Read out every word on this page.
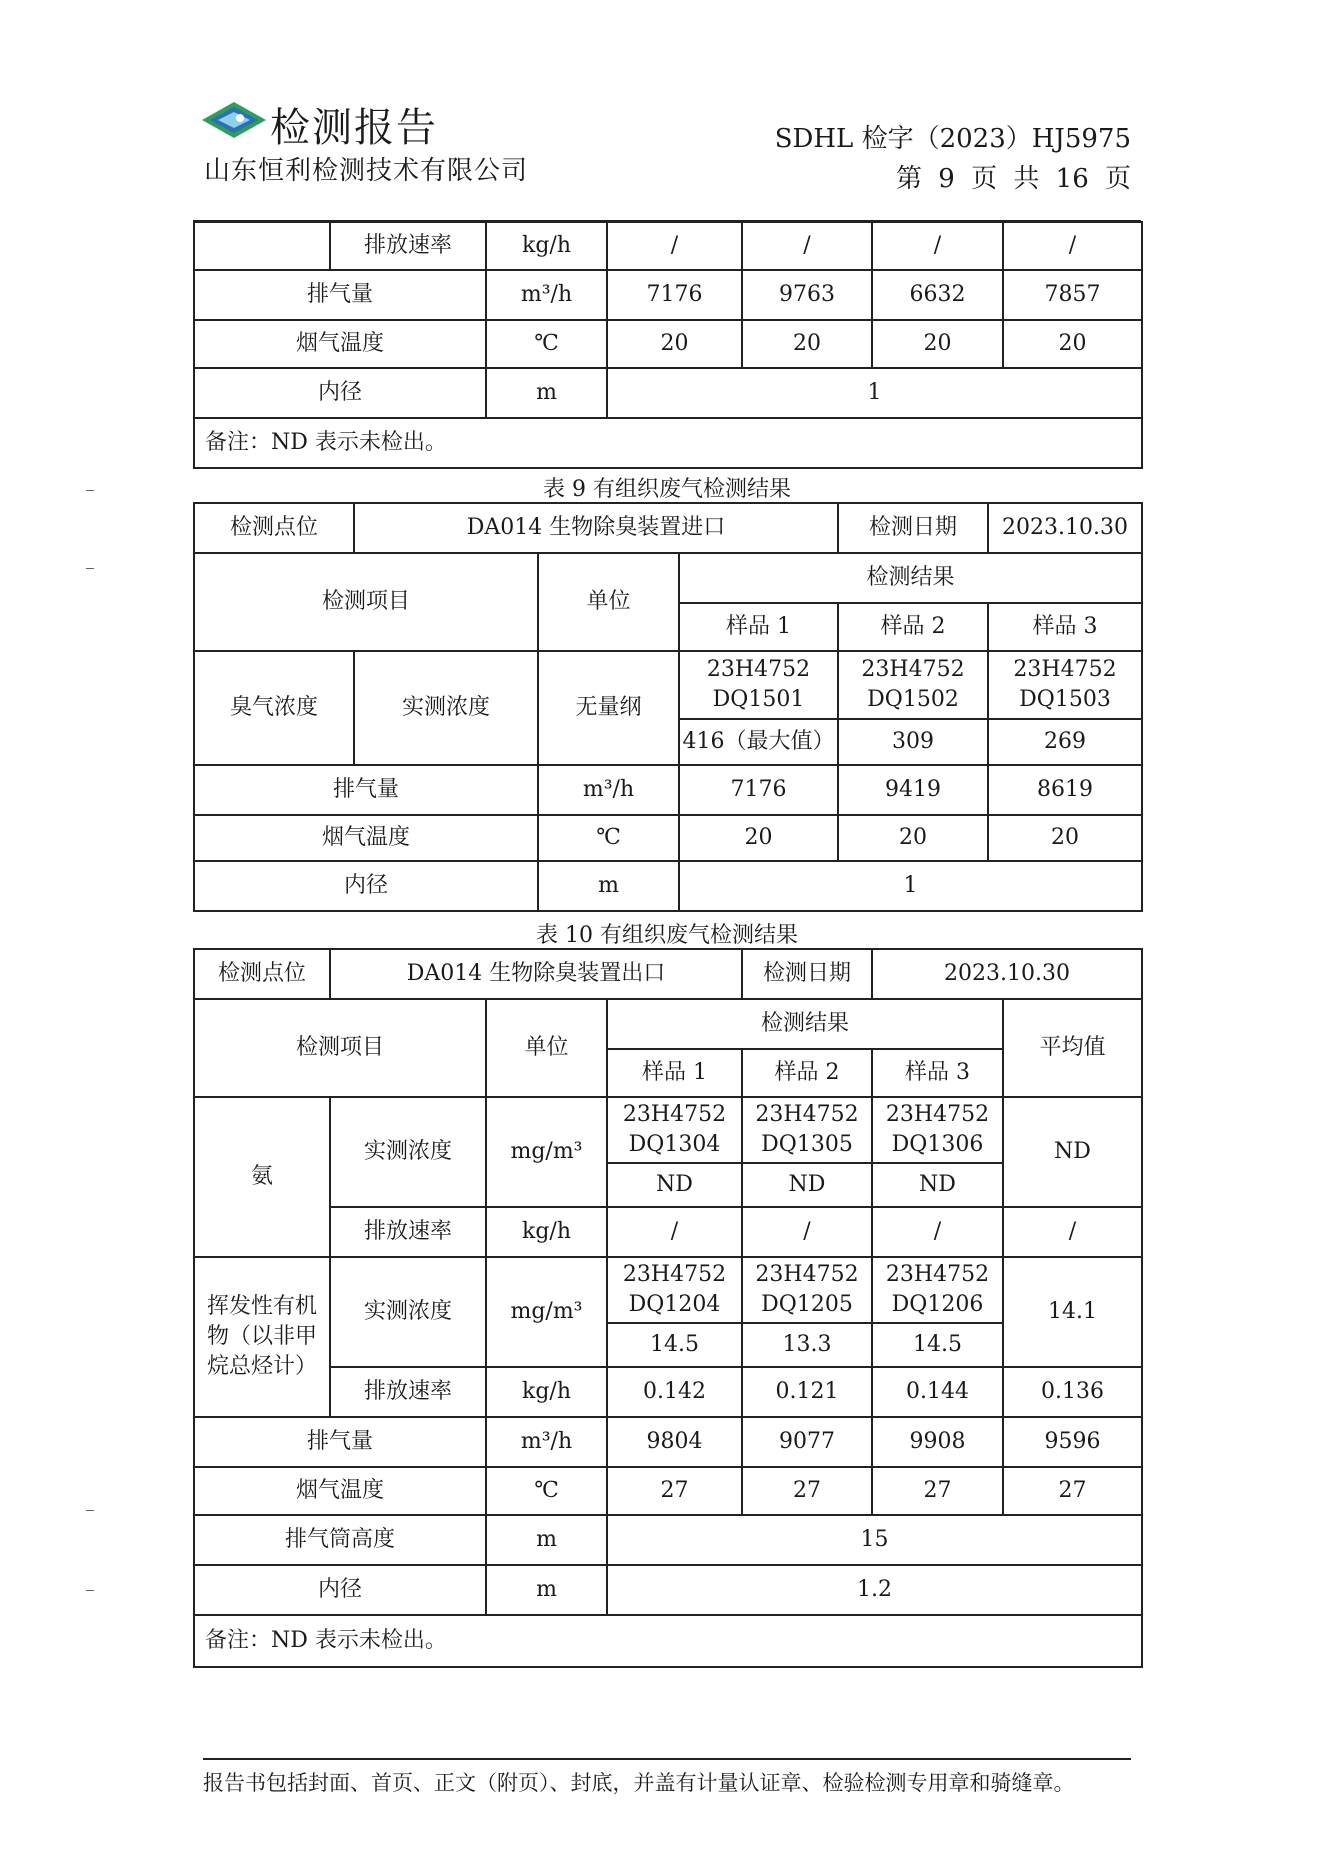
检测报告
山东恒利检测技术有限公司
SDHL 检字（2023）HJ5975
第 9 页 共 16 页
	排放速率	kg/h	/	/	/	/
排气量		m³/h	7176	9763	6632	7857
烟气温度		℃	20	20	20	20
内径		m	1			
备注：ND 表示未检出。						
表 9 有组织废气检测结果
检测点位	DA014 生物除臭装置进口			检测日期	2023.10.30
检测项目		单位	检测结果		
			样品 1	样品 2	样品 3
臭气浓度	实测浓度	无量纲	23H4752 DQ1501	23H4752 DQ1502	23H4752 DQ1503
			416（最大值）	309	269
排气量		m³/h	7176	9419	8619
烟气温度		℃	20	20	20
内径		m	1		
表 10 有组织废气检测结果
检测点位	DA014 生物除臭装置出口			检测日期	2023.10.30	
检测项目		单位	检测结果			平均值
			样品 1	样品 2	样品 3	
氨	实测浓度	mg/m³	23H4752 DQ1304	23H4752 DQ1305	23H4752 DQ1306	ND
			ND	ND	ND	
	排放速率	kg/h	/	/	/	/
挥发性有机物（以非甲烷总烃计）	实测浓度	mg/m³	23H4752 DQ1204	23H4752 DQ1205	23H4752 DQ1206	14.1
			14.5	13.3	14.5	
	排放速率	kg/h	0.142	0.121	0.144	0.136
排气量		m³/h	9804	9077	9908	9596
烟气温度		℃	27	27	27	27
排气筒高度		m	15			
内径		m	1.2			
备注：ND 表示未检出。						
报告书包括封面、首页、正文（附页）、封底，并盖有计量认证章、检验检测专用章和骑缝章。
